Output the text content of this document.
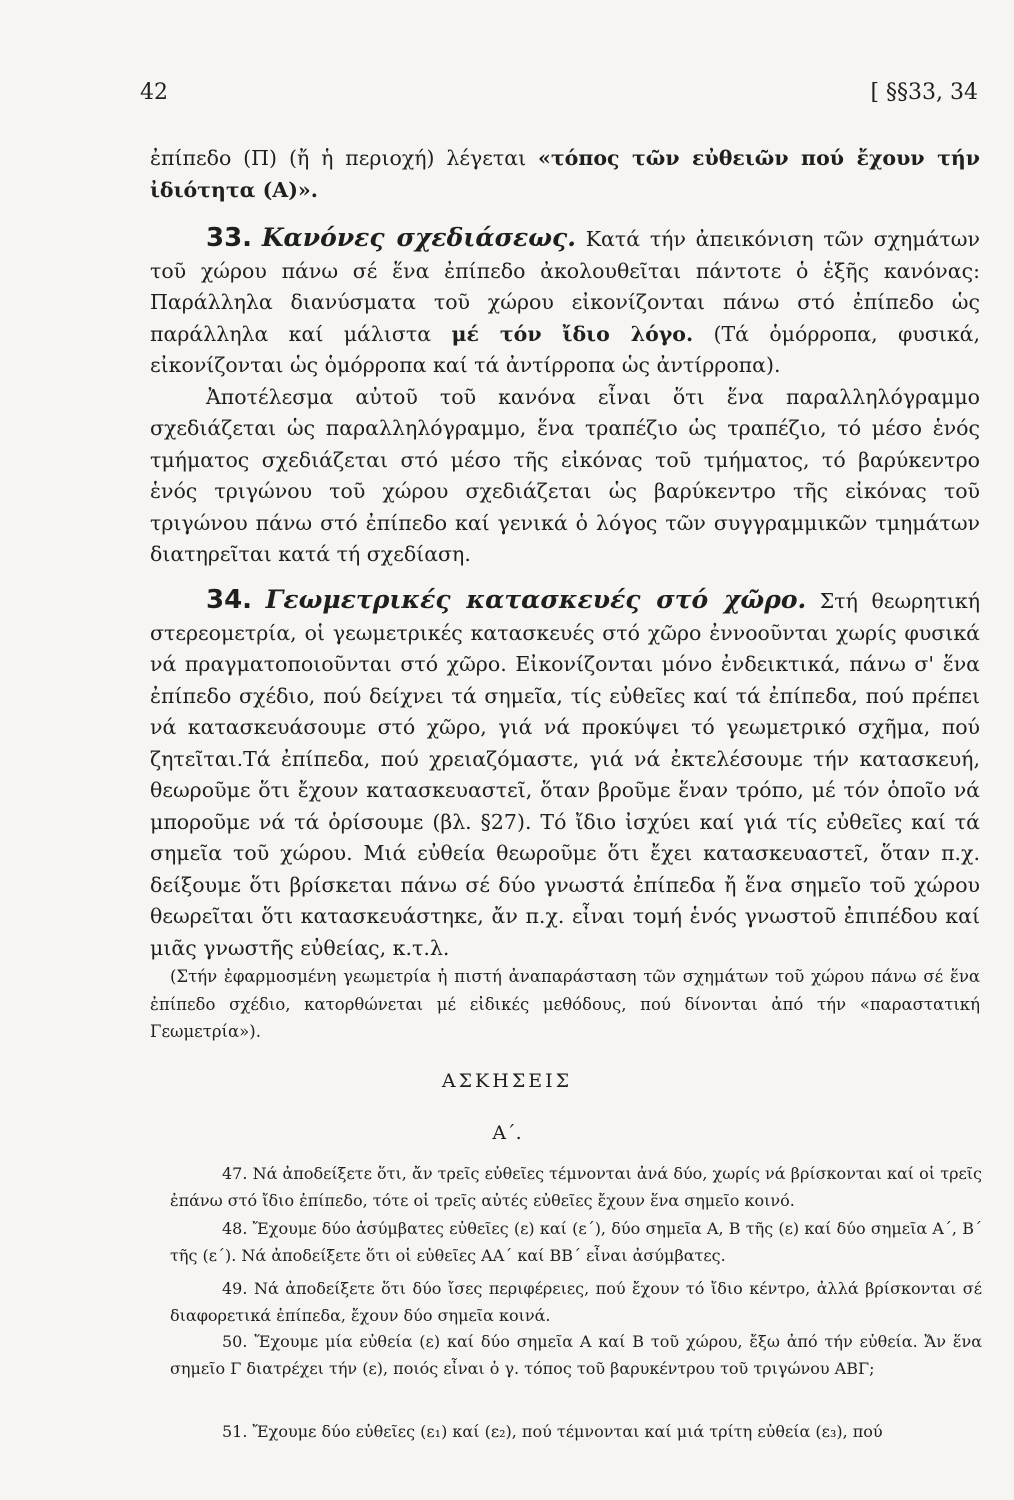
42	[ §§33, 34

ἐπίπεδο (Π) (ἤ ἡ περιοχή) λέγεται «τόπος τῶν εὐθειῶν πού ἔχουν τήν ἰδιότητα (Α)».

33. Κανόνες σχεδιάσεως. Κατά τήν ἀπεικόνιση τῶν σχημάτων τοῦ χώρου πάνω σέ ἕνα ἐπίπεδο ἀκολουθεῖται πάντοτε ὁ ἑξῆς κανόνας: Παράλληλα διανύσματα τοῦ χώρου εἰκονίζονται πάνω στό ἐπίπεδο ὡς παράλληλα καί μάλιστα μέ τόν ἴδιο λόγο. (Τά ὁμόρροπα, φυσικά, εἰκονίζονται ὡς ὁμόρροπα καί τά ἀντίρροπα ὡς ἀντίρροπα).

Ἀποτέλεσμα αὐτοῦ τοῦ κανόνα εἶναι ὅτι ἕνα παραλληλόγραμμο σχεδιάζεται ὡς παραλληλόγραμμο, ἕνα τραπέζιο ὡς τραπέζιο, τό μέσο ἑνός τμήματος σχεδιάζεται στό μέσο τῆς εἰκόνας τοῦ τμήματος, τό βαρύκεντρο ἑνός τριγώνου τοῦ χώρου σχεδιάζεται ὡς βαρύκεντρο τῆς εἰκόνας τοῦ τριγώνου πάνω στό ἐπίπεδο καί γενικά ὁ λόγος τῶν συγγραμμικῶν τμημάτων διατηρεῖται κατά τή σχεδίαση.

34. Γεωμετρικές κατασκευές στό χῶρο. Στή θεωρητική στερεομετρία, οἱ γεωμετρικές κατασκευές στό χῶρο ἐννοοῦνται χωρίς φυσικά νά πραγματοποιοῦνται στό χῶρο. Εἰκονίζονται μόνο ἐνδεικτικά, πάνω σ' ἕνα ἐπίπεδο σχέδιο, πού δείχνει τά σημεῖα, τίς εὐθεῖες καί τά ἐπίπεδα, πού πρέπει νά κατασκευάσουμε στό χῶρο, γιά νά προκύψει τό γεωμετρικό σχῆμα, πού ζητεῖται.Τά ἐπίπεδα, πού χρειαζόμαστε, γιά νά ἐκτελέσουμε τήν κατασκευή, θεωροῦμε ὅτι ἔχουν κατασκευαστεῖ, ὅταν βροῦμε ἕναν τρόπο, μέ τόν ὁποῖο νά μποροῦμε νά τά ὁρίσουμε (βλ. §27). Τό ἴδιο ἰσχύει καί γιά τίς εὐθεῖες καί τά σημεῖα τοῦ χώρου. Μιά εὐθεία θεωροῦμε ὅτι ἔχει κατασκευαστεῖ, ὅταν π.χ. δείξουμε ὅτι βρίσκεται πάνω σέ δύο γνωστά ἐπίπεδα ἤ ἕνα σημεῖο τοῦ χώρου θεωρεῖται ὅτι κατασκευάστηκε, ἄν π.χ. εἶναι τομή ἑνός γνωστοῦ ἐπιπέδου καί μιᾶς γνωστῆς εὐθείας, κ.τ.λ.

(Στήν ἐφαρμοσμένη γεωμετρία ἡ πιστή ἀναπαράσταση τῶν σχημάτων τοῦ χώρου πάνω σέ ἕνα ἐπίπεδο σχέδιο, κατορθώνεται μέ εἰδικές μεθόδους, πού δίνονται ἀπό τήν «παραστατική Γεωμετρία»).

ΑΣΚΗΣΕΙΣ
Α΄.
47. Νά ἀποδείξετε ὅτι, ἄν τρεῖς εὐθεῖες τέμνονται ἀνά δύο, χωρίς νά βρίσκονται καί οἱ τρεῖς ἐπάνω στό ἴδιο ἐπίπεδο, τότε οἱ τρεῖς αὐτές εὐθεῖες ἔχουν ἕνα σημεῖο κοινό.
48. Ἔχουμε δύο ἀσύμβατες εὐθεῖες (ε) καί (ε΄), δύο σημεῖα Α, Β τῆς (ε) καί δύο σημεῖα Α΄, Β΄ τῆς (ε΄). Νά ἀποδείξετε ὅτι οἱ εὐθεῖες ΑΑ΄ καί ΒΒ΄ εἶναι ἀσύμβατες.
49. Νά ἀποδείξετε ὅτι δύο ἴσες περιφέρειες, πού ἔχουν τό ἴδιο κέντρο, ἀλλά βρίσκονται σέ διαφορετικά ἐπίπεδα, ἔχουν δύο σημεῖα κοινά.
50. Ἔχουμε μία εὐθεία (ε) καί δύο σημεῖα Α καί Β τοῦ χώρου, ἔξω ἀπό τήν εὐθεία. Ἄν ἕνα σημεῖο Γ διατρέχει τήν (ε), ποιός εἶναι ὁ γ. τόπος τοῦ βαρυκέντρου τοῦ τριγώνου ΑΒΓ;
51. Ἔχουμε δύο εὐθεῖες (ε₁) καί (ε₂), πού τέμνονται καί μιά τρίτη εὐθεία (ε₃), πού
